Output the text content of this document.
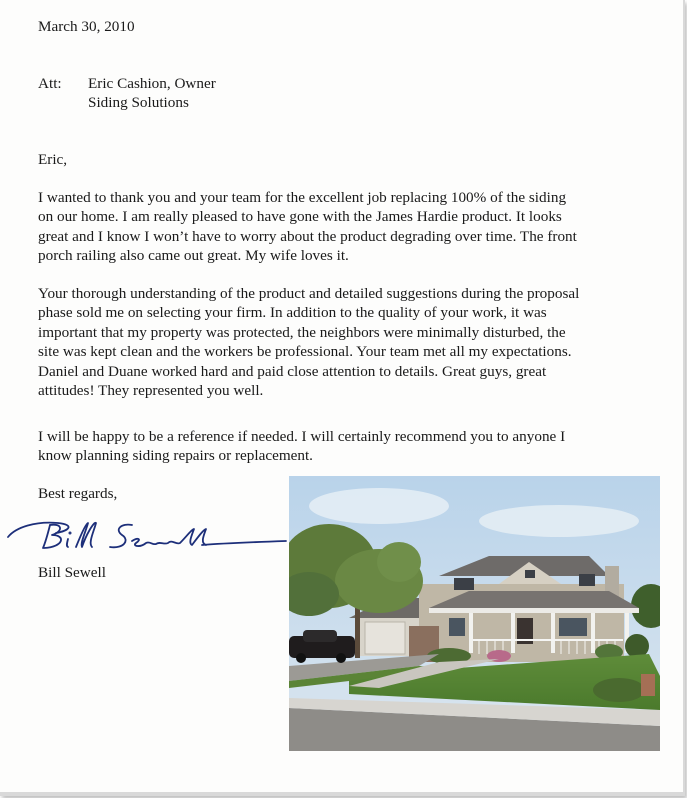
March 30, 2010
Att: Eric Cashion, Owner
Siding Solutions
Eric,
I wanted to thank you and your team for the excellent job replacing 100% of the siding
on our home. I am really pleased to have gone with the James Hardie product. It looks
great and I know I won’t have to worry about the product degrading over time. The front
porch railing also came out great. My wife loves it.
Your thorough understanding of the product and detailed suggestions during the proposal
phase sold me on selecting your firm. In addition to the quality of your work, it was
important that my property was protected, the neighbors were minimally disturbed, the
site was kept clean and the workers be professional. Your team met all my expectations.
Daniel and Duane worked hard and paid close attention to details. Great guys, great
attitudes! They represented you well.
I will be happy to be a reference if needed. I will certainly recommend you to anyone I
know planning siding repairs or replacement.
Best regards,
Bill Sewell
